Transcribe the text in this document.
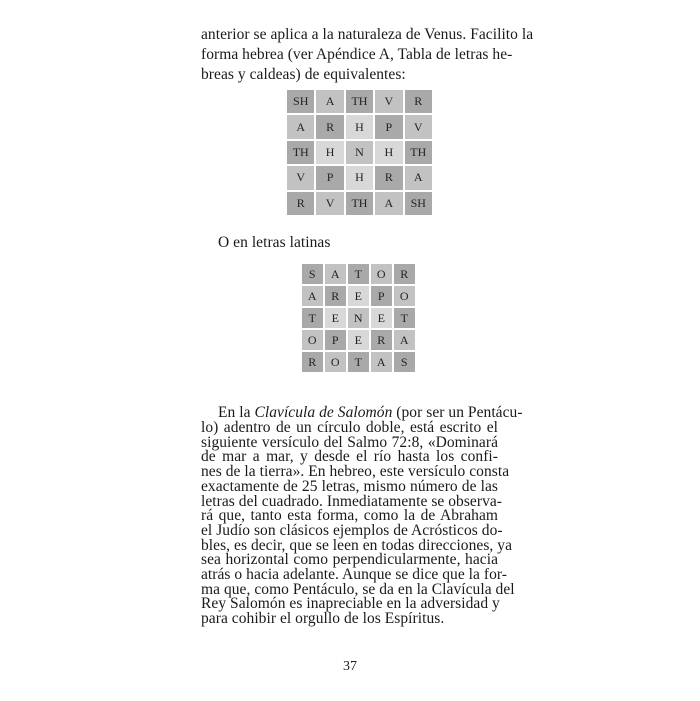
anterior se aplica a la naturaleza de Venus. Facilito la
forma hebrea (ver Apéndice A, Tabla de letras he-
breas y caldeas) de equivalentes:
SH	A	TH	V	R
A	R	H	P	V
TH	H	N	H	TH
V	P	H	R	A
R	V	TH	A	SH
O en letras latinas
S	A	T	O	R
A	R	E	P	O
T	E	N	E	T
O	P	E	R	A
R	O	T	A	S
En la Clavícula de Salomón (por ser un Pentácu-
37
lo) adentro de un círculo doble, está escrito el
siguiente versículo del Salmo 72:8, «Dominará
de mar a mar, y desde el río hasta los confi-
nes de la tierra». En hebreo, este versículo consta
exactamente de 25 letras, mismo número de las
letras del cuadrado. Inmediatamente se observa-
rá que, tanto esta forma, como la de Abraham
el Judío son clásicos ejemplos de Acrósticos do-
bles, es decir, que se leen en todas direcciones, ya
sea horizontal como perpendicularmente, hacia
atrás o hacia adelante. Aunque se dice que la for-
ma que, como Pentáculo, se da en la Clavícula del
Rey Salomón es inapreciable en la adversidad y
para cohibir el orgullo de los Espíritus.
